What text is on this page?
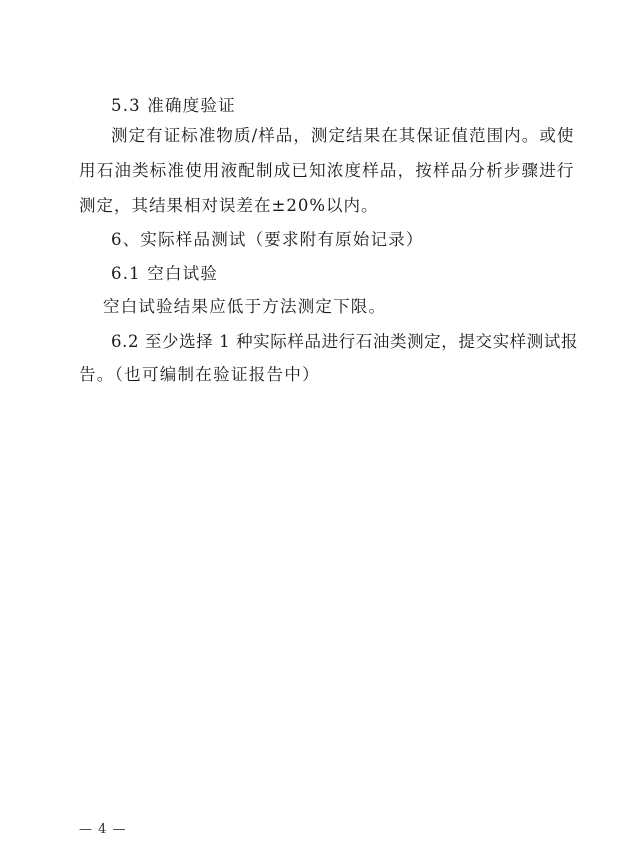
5.3 准确度验证
测定有证标准物质/样品，测定结果在其保证值范围内。或使
用石油类标准使用液配制成已知浓度样品，按样品分析步骤进行
测定，其结果相对误差在±20%以内。
6、实际样品测试（要求附有原始记录）
6.1 空白试验
空白试验结果应低于方法测定下限。
6.2 至少选择 1 种实际样品进行石油类测定，提交实样测试报
告。（也可编制在验证报告中）
— 4 —
